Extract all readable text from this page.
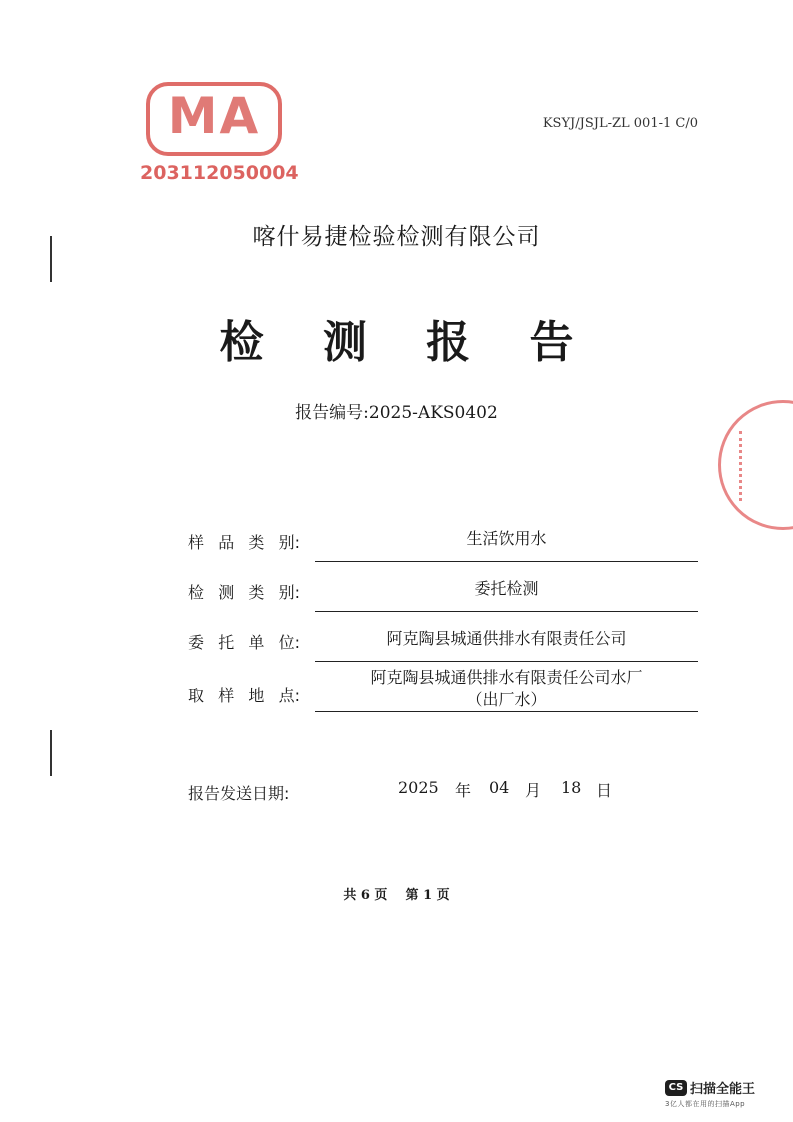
MA
203112050004
KSYJ/JSJL-ZL 001-1 C/0
喀什易捷检验检测有限公司
检 测 报 告
报告编号:2025-AKS0402
样 品 类 别:	生活饮用水
检 测 类 别:	委托检测
委 托 单 位:	阿克陶县城通供排水有限责任公司
取 样 地 点:
阿克陶县城通供排水有限责任公司水厂
（出厂水）
报告发送日期:	2025 年 04 月 18 日
共 6 页 第 1 页
CS 扫描全能王
3亿人都在用的扫描App
